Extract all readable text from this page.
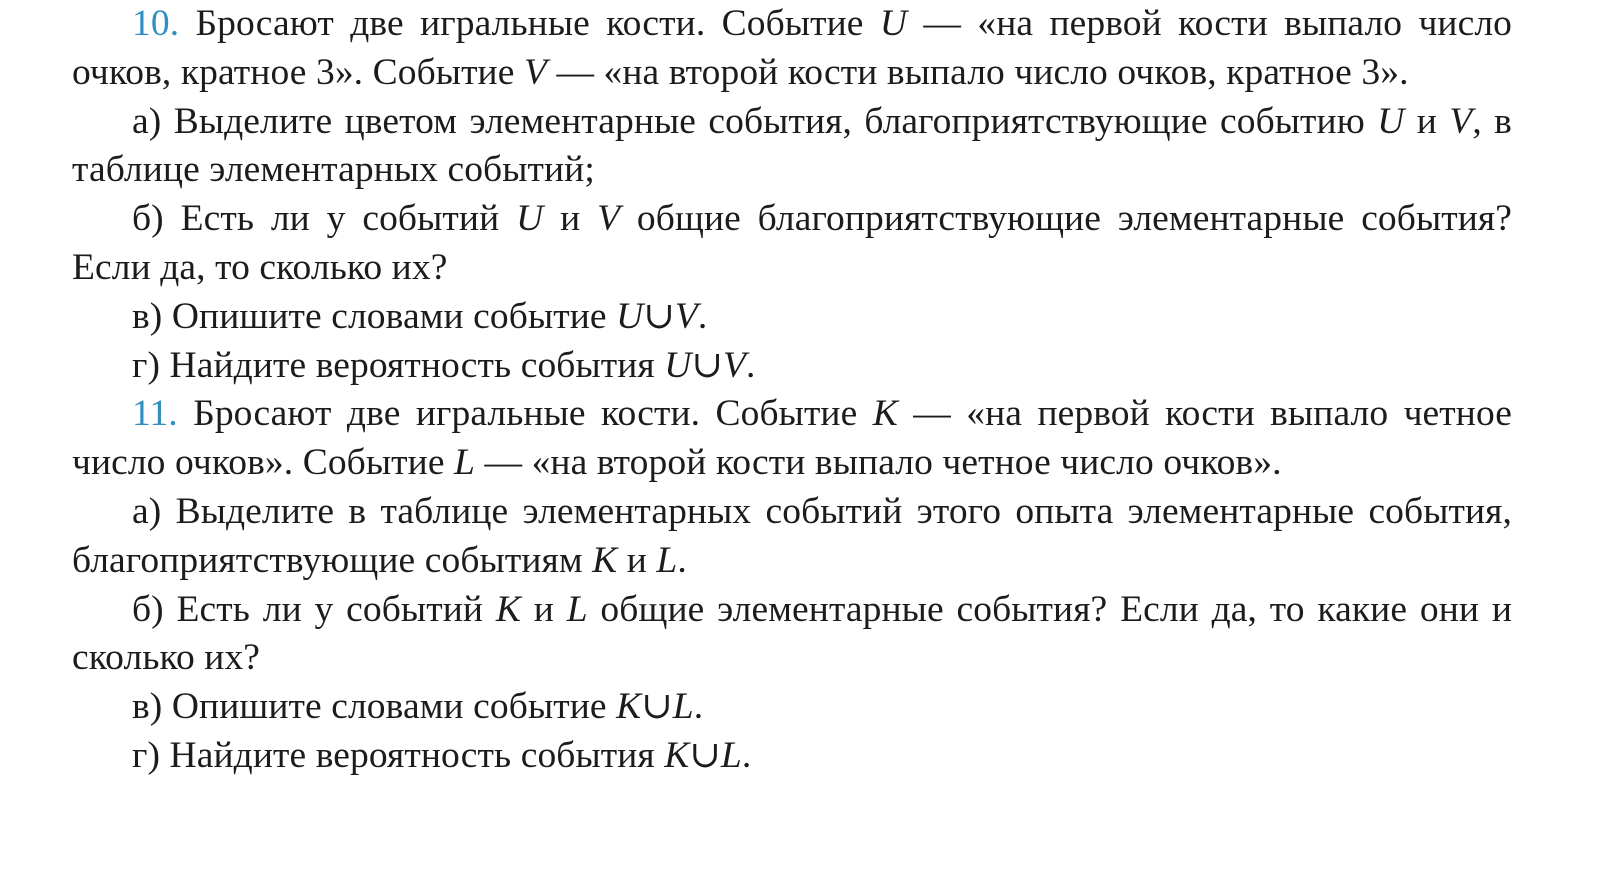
10. Бросают две игральные кости. Событие U — «на первой кости выпало число очков, кратное 3». Событие V — «на второй кости выпало число очков, кратное 3».

а) Выделите цветом элементарные события, благоприятствующие событию U и V, в таблице элементарных событий;

б) Есть ли у событий U и V общие благоприятствующие элементарные события? Если да, то сколько их?

в) Опишите словами событие U∪V.

г) Найдите вероятность события U∪V.

11. Бросают две игральные кости. Событие K — «на первой кости выпало четное число очков». Событие L — «на второй кости выпало четное число очков».

а) Выделите в таблице элементарных событий этого опыта элементарные события, благоприятствующие событиям K и L.

б) Есть ли у событий K и L общие элементарные события? Если да, то какие они и сколько их?

в) Опишите словами событие K∪L.

г) Найдите вероятность события K∪L.
